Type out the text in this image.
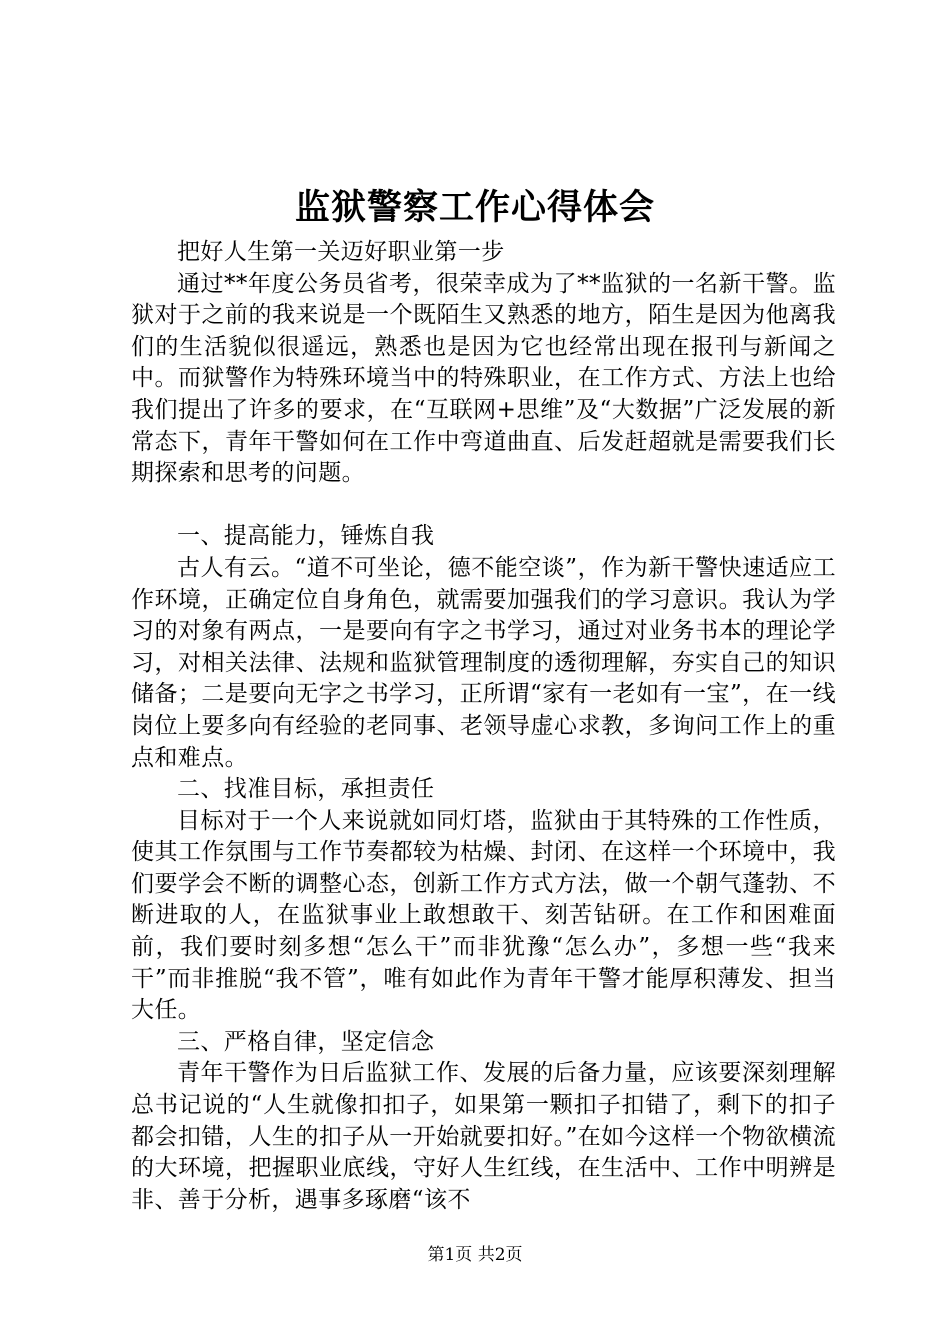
监狱警察工作心得体会

把好人生第一关迈好职业第一步

通过**年度公务员省考，很荣幸成为了**监狱的一名新干警。监狱对于之前的我来说是一个既陌生又熟悉的地方，陌生是因为他离我们的生活貌似很遥远，熟悉也是因为它也经常出现在报刊与新闻之中。而狱警作为特殊环境当中的特殊职业，在工作方式、方法上也给我们提出了许多的要求，在“互联网+思维”及“大数据”广泛发展的新常态下，青年干警如何在工作中弯道曲直、后发赶超就是需要我们长期探索和思考的问题。

一、提高能力，锤炼自我

古人有云。“道不可坐论，德不能空谈”，作为新干警快速适应工作环境，正确定位自身角色，就需要加强我们的学习意识。我认为学习的对象有两点，一是要向有字之书学习，通过对业务书本的理论学习，对相关法律、法规和监狱管理制度的透彻理解，夯实自己的知识储备；二是要向无字之书学习，正所谓“家有一老如有一宝”，在一线岗位上要多向有经验的老同事、老领导虚心求教，多询问工作上的重点和难点。

二、找准目标，承担责任

目标对于一个人来说就如同灯塔，监狱由于其特殊的工作性质，使其工作氛围与工作节奏都较为枯燥、封闭、在这样一个环境中，我们要学会不断的调整心态，创新工作方式方法，做一个朝气蓬勃、不断进取的人，在监狱事业上敢想敢干、刻苦钻研。在工作和困难面前，我们要时刻多想“怎么干”而非犹豫“怎么办”，多想一些“我来干”而非推脱“我不管”，唯有如此作为青年干警才能厚积薄发、担当大任。

三、严格自律，坚定信念

青年干警作为日后监狱工作、发展的后备力量，应该要深刻理解总书记说的“人生就像扣扣子，如果第一颗扣子扣错了，剩下的扣子都会扣错，人生的扣子从一开始就要扣好。”在如今这样一个物欲横流的大环境，把握职业底线，守好人生红线，在生活中、工作中明辨是非、善于分析，遇事多琢磨“该不

第1页 共2页
